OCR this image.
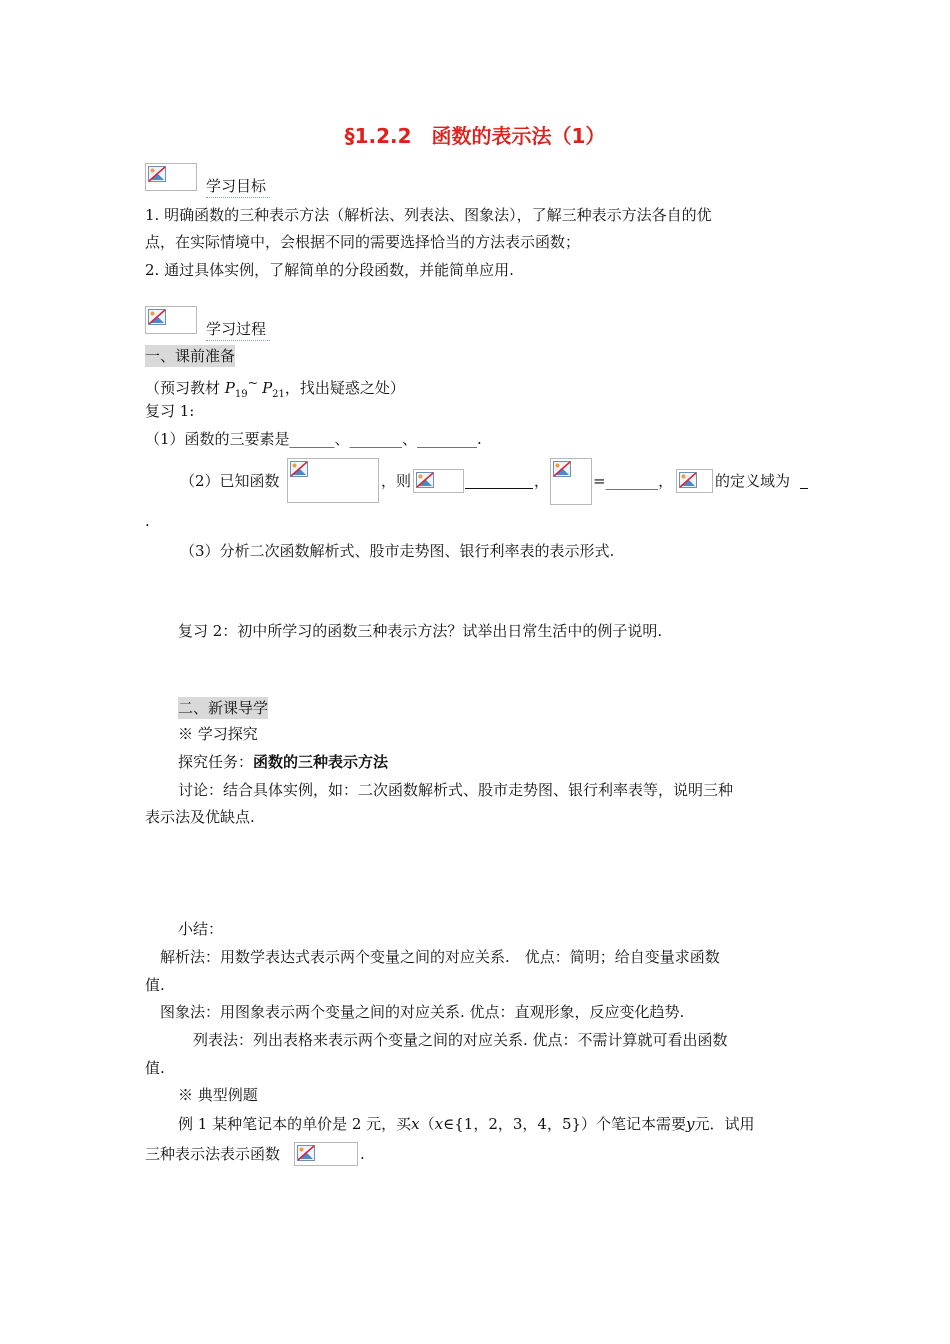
§1.2.2　函数的表示法（1）
学习目标
1. 明确函数的三种表示方法（解析法、列表法、图象法），了解三种表示方法各自的优
点，在实际情境中，会根据不同的需要选择恰当的方法表示函数；
2. 通过具体实例，了解简单的分段函数，并能简单应用.
学习过程
一、课前准备
（预习教材 $P_{19}^\sim$ $P_{21}$，找出疑惑之处）
复习 1:
（1）函数的三要素是______、_______、________.
（2）已知函数	，则	，	=_______，	的定义域为
.
（3）分析二次函数解析式、股市走势图、银行利率表的表示形式.
复习 2：初中所学习的函数三种表示方法？试举出日常生活中的例子说明.
二、新课导学
※ 学习探究
探究任务：函数的三种表示方法
讨论：结合具体实例，如：二次函数解析式、股市走势图、银行利率表等，说明三种
表示法及优缺点.
小结：
解析法：用数学表达式表示两个变量之间的对应关系.　优点：简明；给自变量求函数
值.
图象法：用图象表示两个变量之间的对应关系. 优点：直观形象，反应变化趋势.
列表法：列出表格来表示两个变量之间的对应关系. 优点：不需计算就可看出函数
值.
※ 典型例题
例 1 某种笔记本的单价是 2 元，买x（x∈{1，2，3，4，5}）个笔记本需要y元．试用
三种表示法表示函数	.
